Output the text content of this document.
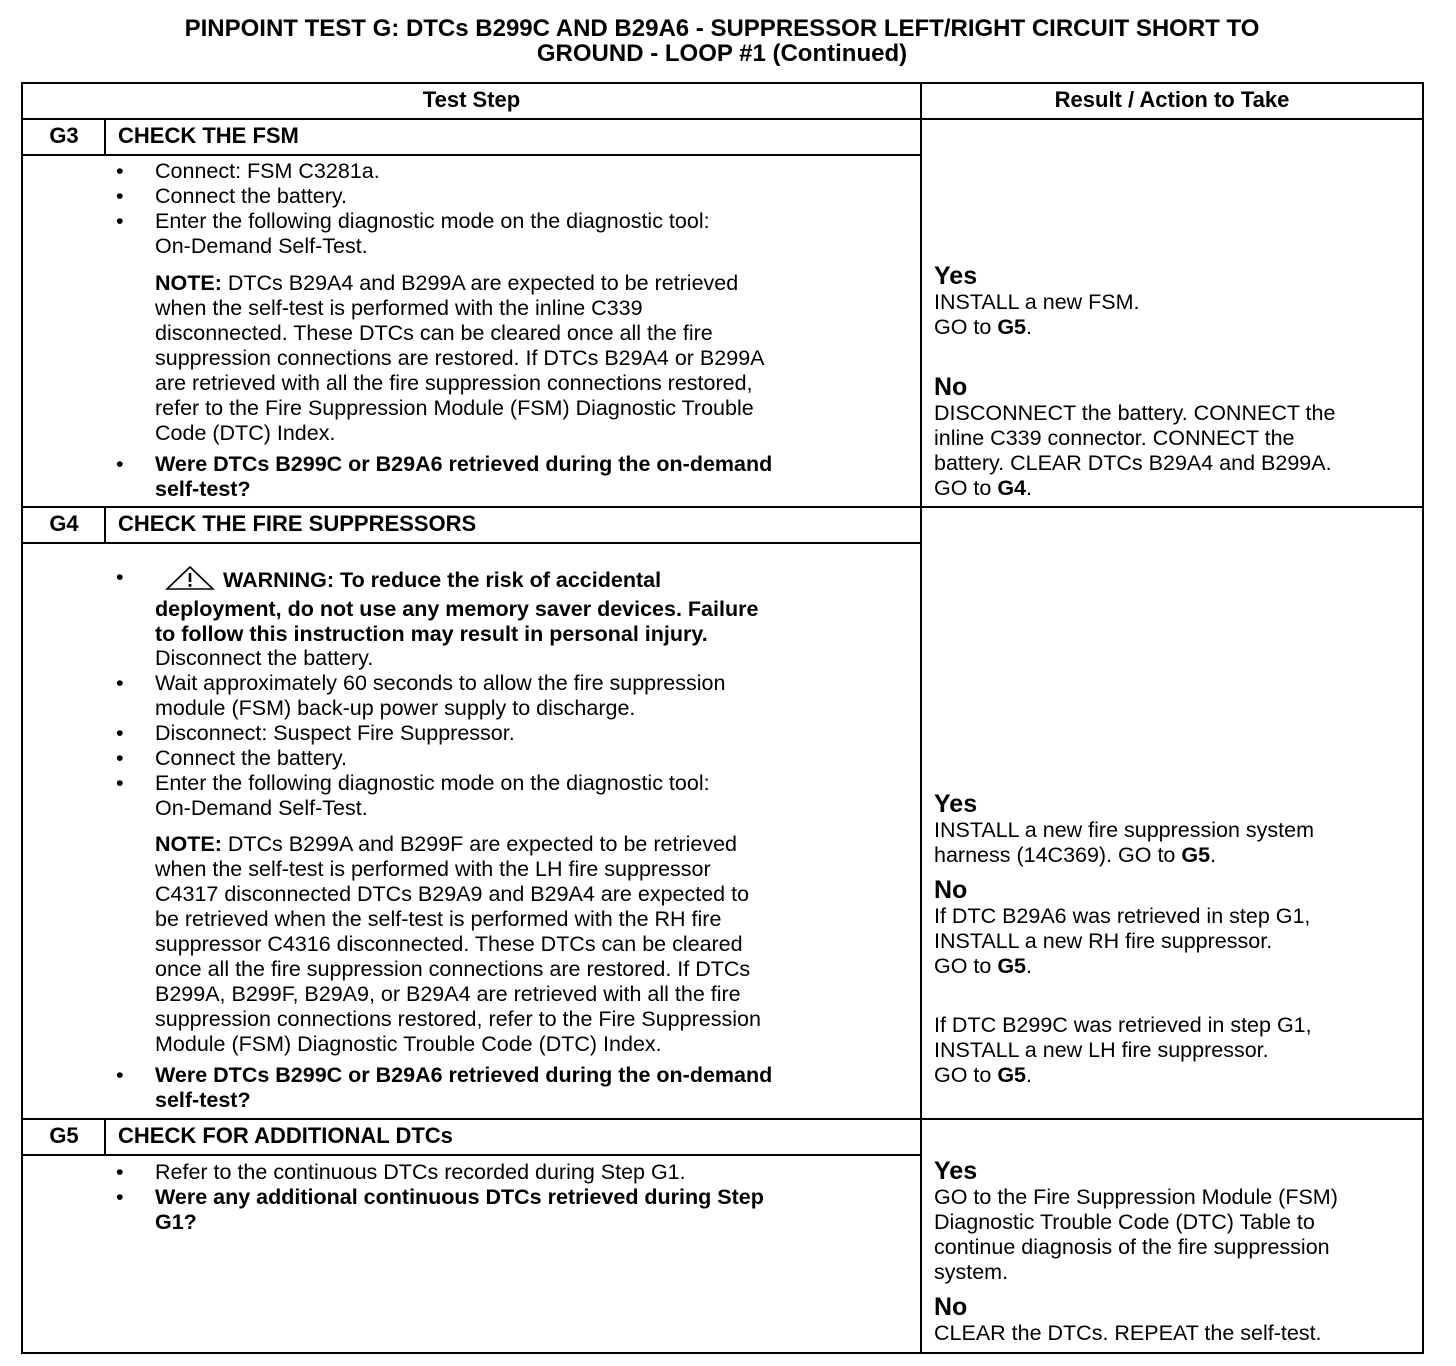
PINPOINT TEST G: DTCs B299C AND B29A6 - SUPPRESSOR LEFT/RIGHT CIRCUIT SHORT TO
GROUND - LOOP #1 (Continued)
Test Step	Result / Action to Take
G3	CHECK THE FSM
• Connect: FSM C3281a.
• Connect the battery.
• Enter the following diagnostic mode on the diagnostic tool:
On-Demand Self-Test.
NOTE: DTCs B29A4 and B299A are expected to be retrieved
when the self-test is performed with the inline C339
disconnected. These DTCs can be cleared once all the fire
suppression connections are restored. If DTCs B29A4 or B299A
are retrieved with all the fire suppression connections restored,
refer to the Fire Suppression Module (FSM) Diagnostic Trouble
Code (DTC) Index.
• Were DTCs B299C or B29A6 retrieved during the on-demand
self-test?
Yes
INSTALL a new FSM.
GO to G5.
No
DISCONNECT the battery. CONNECT the
inline C339 connector. CONNECT the
battery. CLEAR DTCs B29A4 and B299A.
GO to G4.
G4	CHECK THE FIRE SUPPRESSORS
•	WARNING: To reduce the risk of accidental
deployment, do not use any memory saver devices. Failure
to follow this instruction may result in personal injury.
Disconnect the battery.
• Wait approximately 60 seconds to allow the fire suppression
module (FSM) back-up power supply to discharge.
• Disconnect: Suspect Fire Suppressor.
• Connect the battery.
• Enter the following diagnostic mode on the diagnostic tool:
On-Demand Self-Test.
NOTE: DTCs B299A and B299F are expected to be retrieved
when the self-test is performed with the LH fire suppressor
C4317 disconnected DTCs B29A9 and B29A4 are expected to
be retrieved when the self-test is performed with the RH fire
suppressor C4316 disconnected. These DTCs can be cleared
once all the fire suppression connections are restored. If DTCs
B299A, B299F, B29A9, or B29A4 are retrieved with all the fire
suppression connections restored, refer to the Fire Suppression
Module (FSM) Diagnostic Trouble Code (DTC) Index.
• Were DTCs B299C or B29A6 retrieved during the on-demand
self-test?
Yes
INSTALL a new fire suppression system
harness (14C369). GO to G5.
No
If DTC B29A6 was retrieved in step G1,
INSTALL a new RH fire suppressor.
GO to G5.
If DTC B299C was retrieved in step G1,
INSTALL a new LH fire suppressor.
GO to G5.
G5	CHECK FOR ADDITIONAL DTCs
• Refer to the continuous DTCs recorded during Step G1.
• Were any additional continuous DTCs retrieved during Step
G1?
Yes
GO to the Fire Suppression Module (FSM)
Diagnostic Trouble Code (DTC) Table to
continue diagnosis of the fire suppression
system.
No
CLEAR the DTCs. REPEAT the self-test.
